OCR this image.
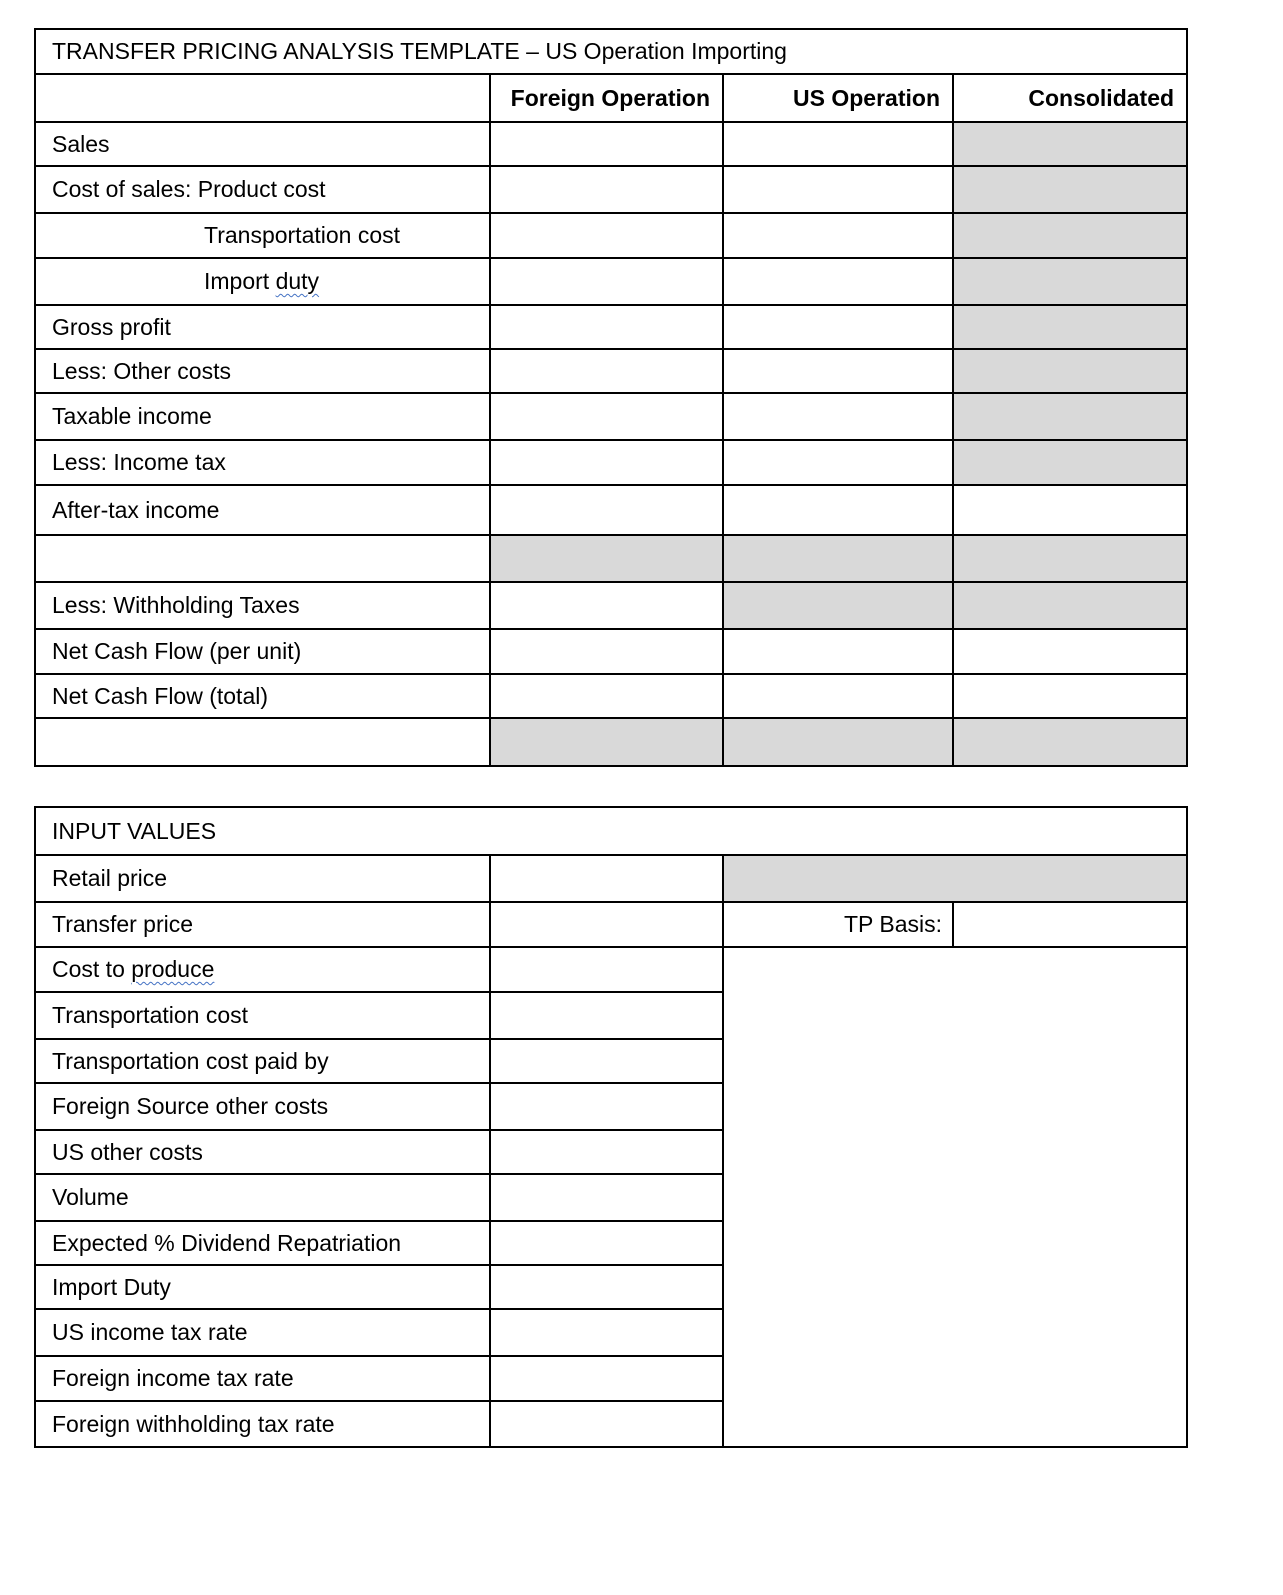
TRANSFER PRICING ANALYSIS TEMPLATE – US Operation Importing			
	Foreign Operation	US Operation	Consolidated
Sales			
Cost of sales: Product cost			
Transportation cost			
Import duty			
Gross profit			
Less: Other costs			
Taxable income			
Less: Income tax			
After-tax income			

Less: Withholding Taxes			
Net Cash Flow (per unit)			
Net Cash Flow (total)			

INPUT VALUES			
Retail price			
Transfer price		TP Basis:	
Cost to produce			
Transportation cost			
Transportation cost paid by			
Foreign Source other costs			
US other costs			
Volume			
Expected % Dividend Repatriation			
Import Duty			
US income tax rate			
Foreign income tax rate			
Foreign withholding tax rate			
